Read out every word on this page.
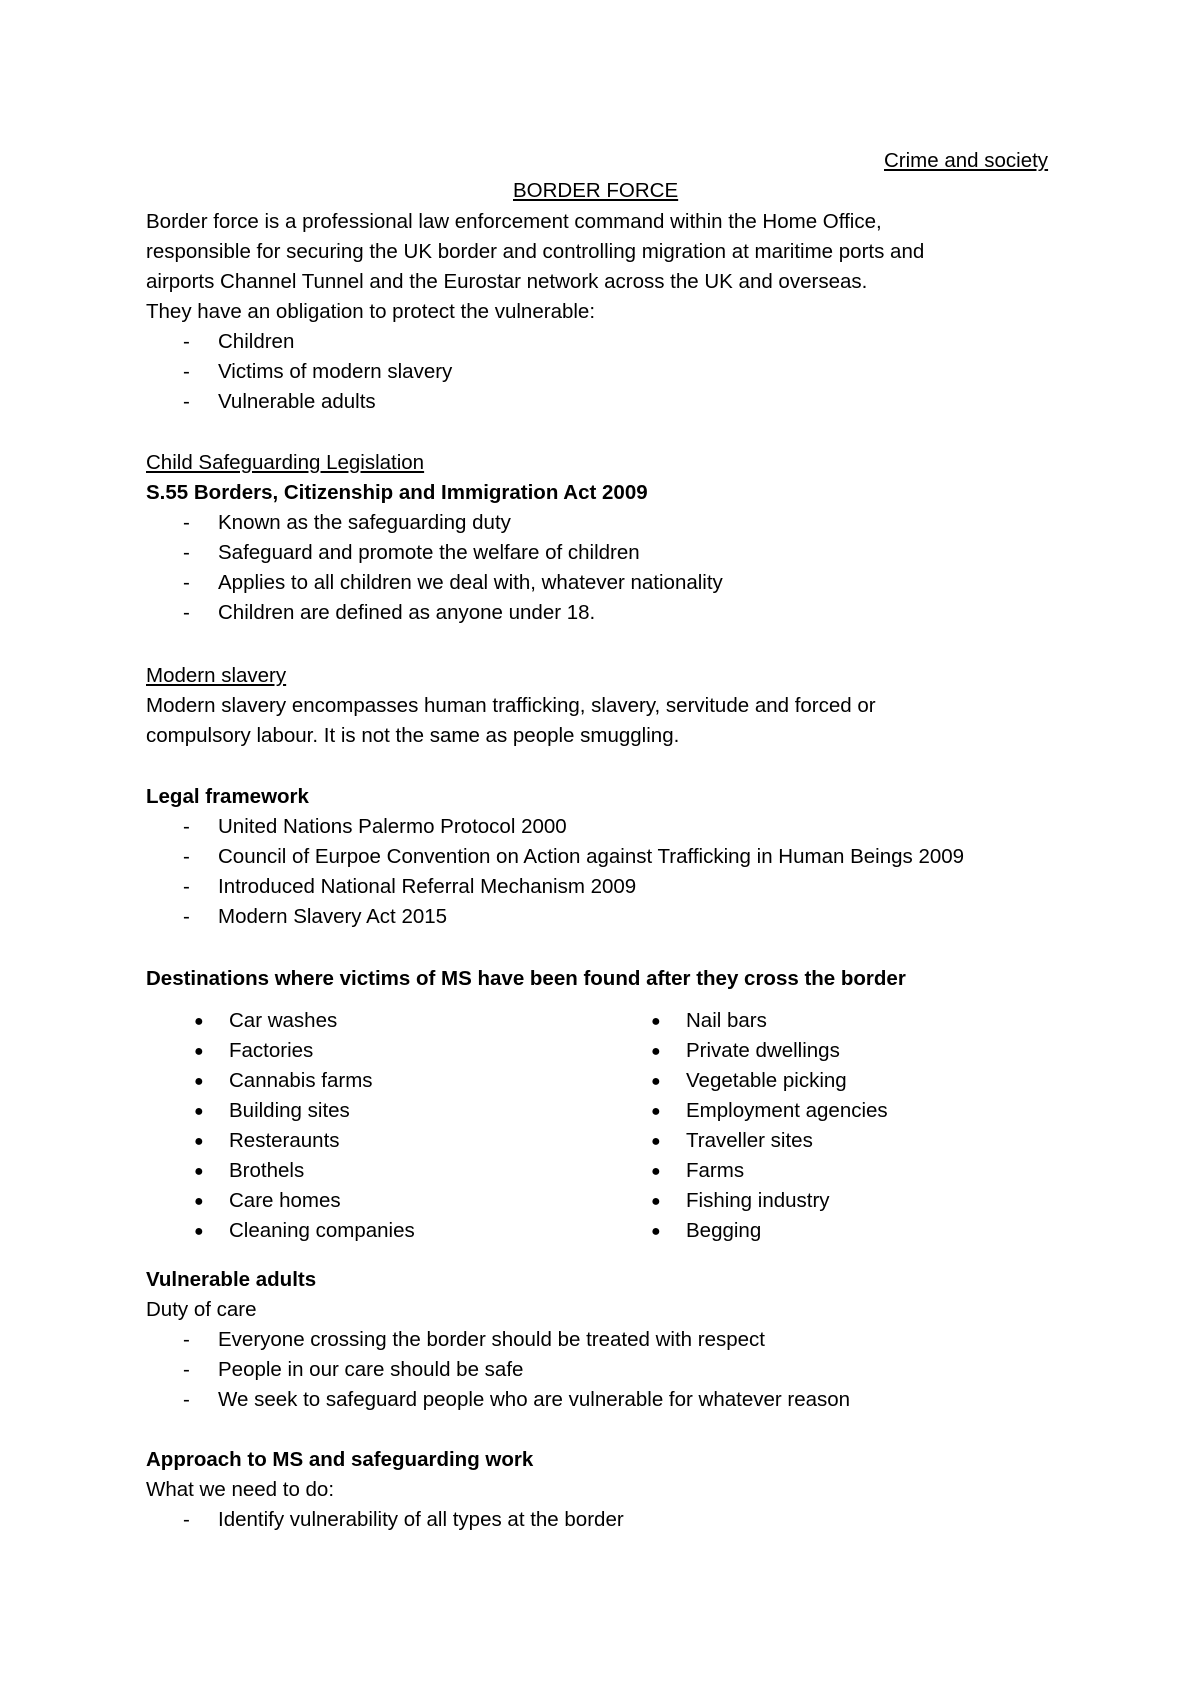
Crime and society
BORDER FORCE
Border force is a professional law enforcement command within the Home Office,
responsible for securing the UK border and controlling migration at maritime ports and
airports Channel Tunnel and the Eurostar network across the UK and overseas.
They have an obligation to protect the vulnerable:
- Children
- Victims of modern slavery
- Vulnerable adults
Child Safeguarding Legislation
S.55 Borders, Citizenship and Immigration Act 2009
- Known as the safeguarding duty
- Safeguard and promote the welfare of children
- Applies to all children we deal with, whatever nationality
- Children are defined as anyone under 18.
Modern slavery
Modern slavery encompasses human trafficking, slavery, servitude and forced or
compulsory labour. It is not the same as people smuggling.
Legal framework
- United Nations Palermo Protocol 2000
- Council of Eurpoe Convention on Action against Trafficking in Human Beings 2009
- Introduced National Referral Mechanism 2009
- Modern Slavery Act 2015
Destinations where victims of MS have been found after they cross the border
● Car washes
● Factories
● Cannabis farms
● Building sites
● Resteraunts
● Brothels
● Care homes
● Cleaning companies
● Nail bars
● Private dwellings
● Vegetable picking
● Employment agencies
● Traveller sites
● Farms
● Fishing industry
● Begging
Vulnerable adults
Duty of care
- Everyone crossing the border should be treated with respect
- People in our care should be safe
- We seek to safeguard people who are vulnerable for whatever reason
Approach to MS and safeguarding work
What we need to do:
- Identify vulnerability of all types at the border
